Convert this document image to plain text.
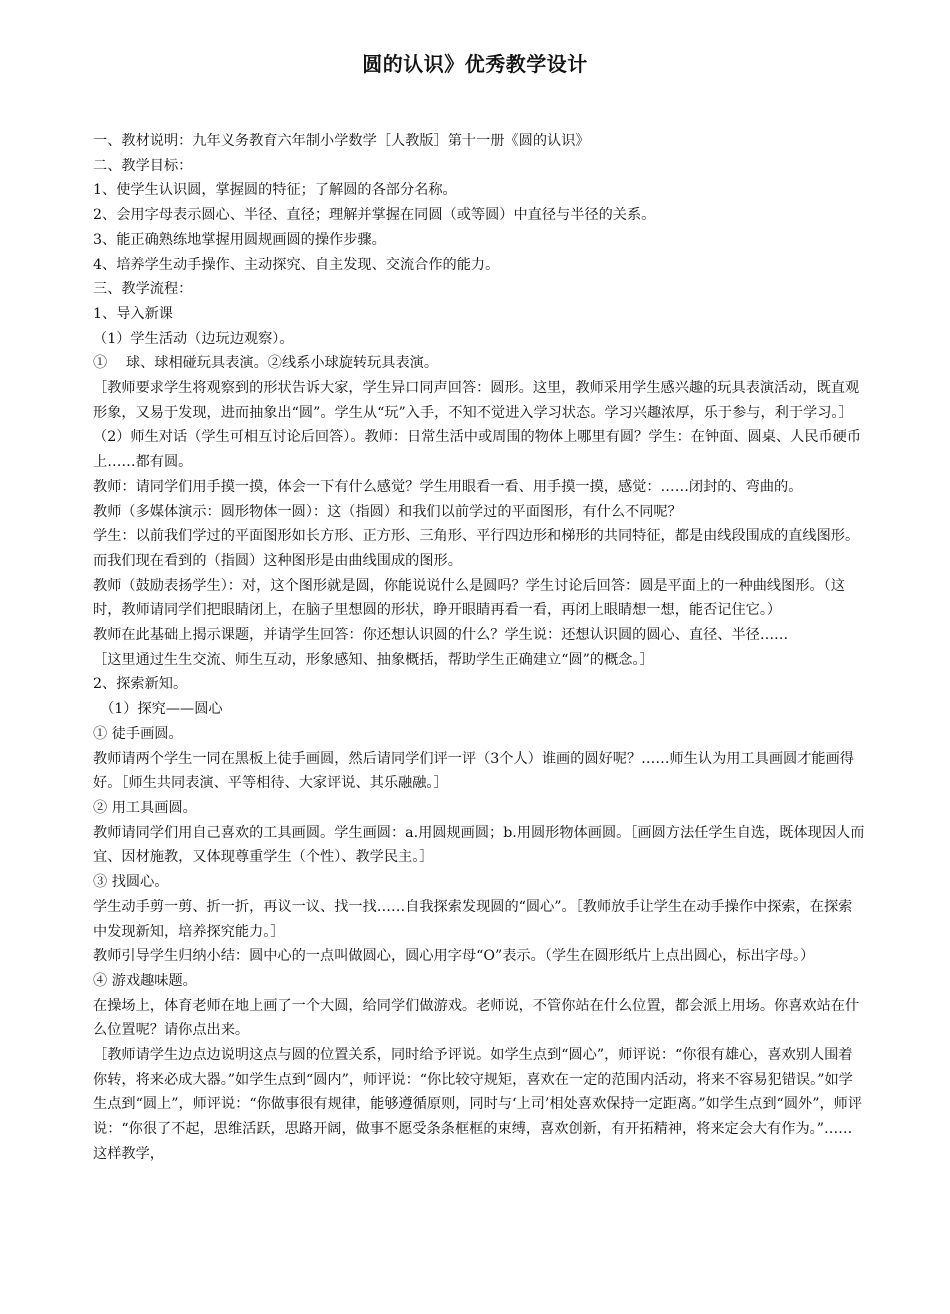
圆的认识》优秀教学设计

一、教材说明：九年义务教育六年制小学数学［人教版］第十一册《圆的认识》

二、教学目标：

1、使学生认识圆，掌握圆的特征；了解圆的各部分名称。

2、会用字母表示圆心、半径、直径；理解并掌握在同圆（或等圆）中直径与半径的关系。

3、能正确熟练地掌握用圆规画圆的操作步骤。

4、培养学生动手操作、主动探究、自主发现、交流合作的能力。

三、教学流程：

1、导入新课

（1）学生活动（边玩边观察）。

①　 球、球相碰玩具表演。②线系小球旋转玩具表演。

［教师要求学生将观察到的形状告诉大家，学生异口同声回答：圆形。这里，教师采用学生感兴趣的玩具表演活动，既直观形象，又易于发现，进而抽象出“圆”。学生从“玩”入手，不知不觉进入学习状态。学习兴趣浓厚，乐于参与，利于学习。］

（2）师生对话（学生可相互讨论后回答）。教师：日常生活中或周围的物体上哪里有圆？学生：在钟面、圆桌、人民币硬币上……都有圆。

教师：请同学们用手摸一摸，体会一下有什么感觉？学生用眼看一看、用手摸一摸，感觉：……闭封的、弯曲的。

教师（多媒体演示：圆形物体一圆）：这（指圆）和我们以前学过的平面图形，有什么不同呢？

学生：以前我们学过的平面图形如长方形、正方形、三角形、平行四边形和梯形的共同特征，都是由线段围成的直线图形。而我们现在看到的（指圆）这种图形是由曲线围成的图形。

教师（鼓励表扬学生）：对，这个图形就是圆，你能说说什么是圆吗？学生讨论后回答：圆是平面上的一种曲线图形。（这时，教师请同学们把眼睛闭上，在脑子里想圆的形状，睁开眼睛再看一看，再闭上眼睛想一想，能否记住它。）

教师在此基础上揭示课题，并请学生回答：你还想认识圆的什么？学生说：还想认识圆的圆心、直径、半径……

［这里通过生生交流、师生互动，形象感知、抽象概括，帮助学生正确建立“圆”的概念。］

2、探索新知。

　（1）探究——圆心

① 徒手画圆。

教师请两个学生一同在黑板上徒手画圆，然后请同学们评一评（3个人）谁画的圆好呢？……师生认为用工具画圆才能画得好。［师生共同表演、平等相待、大家评说、其乐融融。］

② 用工具画圆。

教师请同学们用自己喜欢的工具画圆。学生画圆：a.用圆规画圆；b.用圆形物体画圆。［画圆方法任学生自选，既体现因人而宜、因材施教，又体现尊重学生（个性）、教学民主。］

③ 找圆心。

学生动手剪一剪、折一折，再议一议、找一找……自我探索发现圆的“圆心”。［教师放手让学生在动手操作中探索，在探索中发现新知，培养探究能力。］

教师引导学生归纳小结：圆中心的一点叫做圆心，圆心用字母“O”表示。（学生在圆形纸片上点出圆心，标出字母。）

④ 游戏趣味题。

在操场上，体育老师在地上画了一个大圆，给同学们做游戏。老师说，不管你站在什么位置，都会派上用场。你喜欢站在什么位置呢？请你点出来。

［教师请学生边点边说明这点与圆的位置关系，同时给予评说。如学生点到“圆心”，师评说：“你很有雄心，喜欢别人围着你转，将来必成大器。”如学生点到“圆内”，师评说：“你比较守规矩，喜欢在一定的范围内活动，将来不容易犯错误。”如学生点到“圆上”，师评说：“你做事很有规律，能够遵循原则，同时与‘上司’相处喜欢保持一定距离。”如学生点到“圆外”，师评说：“你很了不起，思维活跃，思路开阔，做事不愿受条条框框的束缚，喜欢创新，有开拓精神，将来定会大有作为。”……这样教学，
